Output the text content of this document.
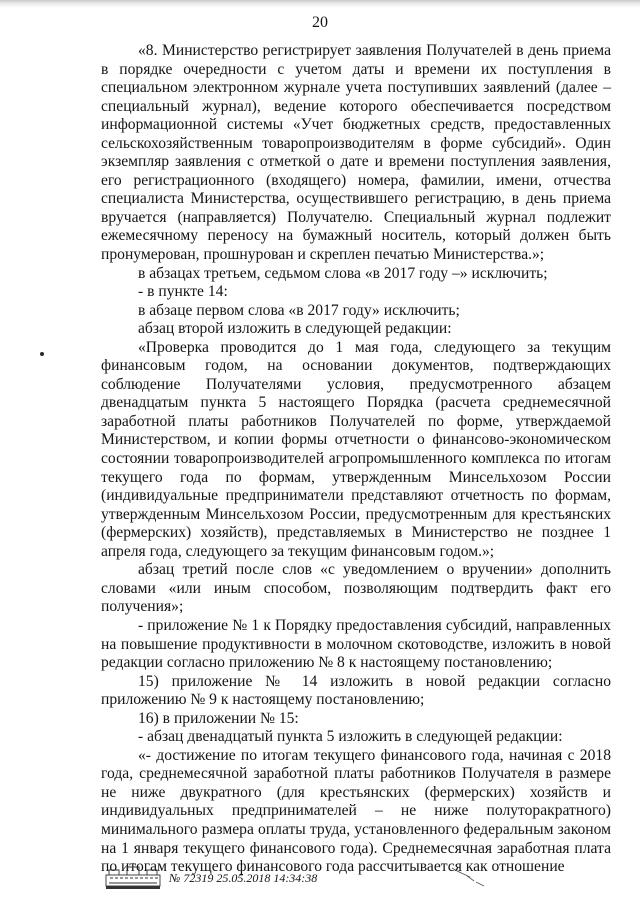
20

«8. Министерство регистрирует заявления Получателей в день приема в порядке очередности с учетом даты и времени их поступления в специальном электронном журнале учета поступивших заявлений (далее – специальный журнал), ведение которого обеспечивается посредством информационной системы «Учет бюджетных средств, предоставленных сельскохозяйственным товаропроизводителям в форме субсидий». Один экземпляр заявления с отметкой о дате и времени поступления заявления, его регистрационного (входящего) номера, фамилии, имени, отчества специалиста Министерства, осуществившего регистрацию, в день приема вручается (направляется) Получателю. Специальный журнал подлежит ежемесячному переносу на бумажный носитель, который должен быть пронумерован, прошнурован и скреплен печатью Министерства.»;

в абзацах третьем, седьмом слова «в 2017 году –» исключить;

- в пункте 14:

в абзаце первом слова «в 2017 году» исключить;

абзац второй изложить в следующей редакции:

«Проверка проводится до 1 мая года, следующего за текущим финансовым годом, на основании документов, подтверждающих соблюдение Получателями условия, предусмотренного абзацем двенадцатым пункта 5 настоящего Порядка (расчета среднемесячной заработной платы работников Получателей по форме, утверждаемой Министерством, и копии формы отчетности о финансово-экономическом состоянии товаропроизводителей агропромышленного комплекса по итогам текущего года по формам, утвержденным Минсельхозом России (индивидуальные предприниматели представляют отчетность по формам, утвержденным Минсельхозом России, предусмотренным для крестьянских (фермерских) хозяйств), представляемых в Министерство не позднее 1 апреля года, следующего за текущим финансовым годом.»;

абзац третий после слов «с уведомлением о вручении» дополнить словами «или иным способом, позволяющим подтвердить факт его получения»;

- приложение № 1 к Порядку предоставления субсидий, направленных на повышение продуктивности в молочном скотоводстве, изложить в новой редакции согласно приложению № 8 к настоящему постановлению;

15) приложение № 14 изложить в новой редакции согласно приложению № 9 к настоящему постановлению;

16) в приложении № 15:

- абзац двенадцатый пункта 5 изложить в следующей редакции:

«- достижение по итогам текущего финансового года, начиная с 2018 года, среднемесячной заработной платы работников Получателя в размере не ниже двукратного (для крестьянских (фермерских) хозяйств и индивидуальных предпринимателей – не ниже полуторакратного) минимального размера оплаты труда, установленного федеральным законом на 1 января текущего финансового года). Среднемесячная заработная плата по итогам текущего финансового года рассчитывается как отношение

№ 72319 25.05.2018 14:34:38
